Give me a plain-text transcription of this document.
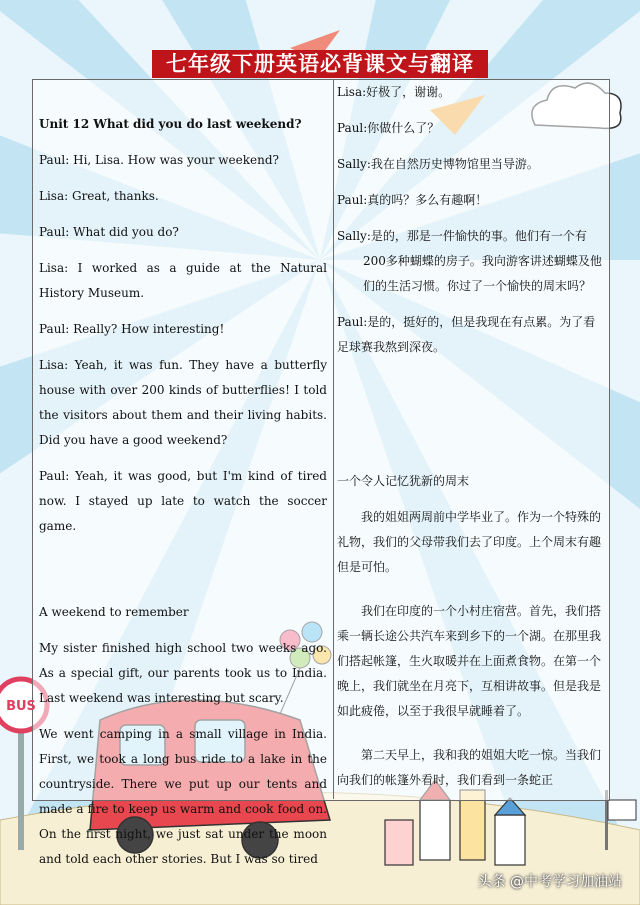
七年级下册英语必背课文与翻译

Unit 12 What did you do last weekend?

Paul: Hi, Lisa. How was your weekend?

Lisa: Great, thanks.

Paul: What did you do?

Lisa: I worked as a guide at the Natural History Museum.

Paul: Really? How interesting!

Lisa: Yeah, it was fun. They have a butterfly house with over 200 kinds of butterflies! I told the visitors about them and their living habits. Did you have a good weekend?

Paul: Yeah, it was good, but I'm kind of tired now. I stayed up late to watch the soccer game.

A weekend to remember

My sister finished high school two weeks ago. As a special gift, our parents took us to India. Last weekend was interesting but scary.

We went camping in a small village in India. First, we took a long bus ride to a lake in the countryside. There we put up our tents and made a fire to keep us warm and cook food on. On the first night, we just sat under the moon and told each other stories. But I was so tired

Lisa:好极了，谢谢。

Paul:你做什么了？

Sally:我在自然历史博物馆里当导游。

Paul:真的吗？多么有趣啊！

Sally:是的，那是一件愉快的事。他们有一个有200多种蝴蝶的房子。我向游客讲述蝴蝶及他们的生活习惯。你过了一个愉快的周末吗？

Paul:是的，挺好的，但是我现在有点累。为了看足球赛我熬到深夜。

一个令人记忆犹新的周末

我的姐姐两周前中学毕业了。作为一个特殊的礼物，我们的父母带我们去了印度。上个周末有趣但是可怕。

我们在印度的一个小村庄宿营。首先，我们搭乘一辆长途公共汽车来到乡下的一个湖。在那里我们搭起帐篷，生火取暖并在上面煮食物。在第一个晚上，我们就坐在月亮下，互相讲故事。但是我是如此疲倦，以至于我很早就睡着了。

第二天早上，我和我的姐姐大吃一惊。当我们向我们的帐篷外看时，我们看到一条蛇正

BUS
头条 @中考学习加油站
